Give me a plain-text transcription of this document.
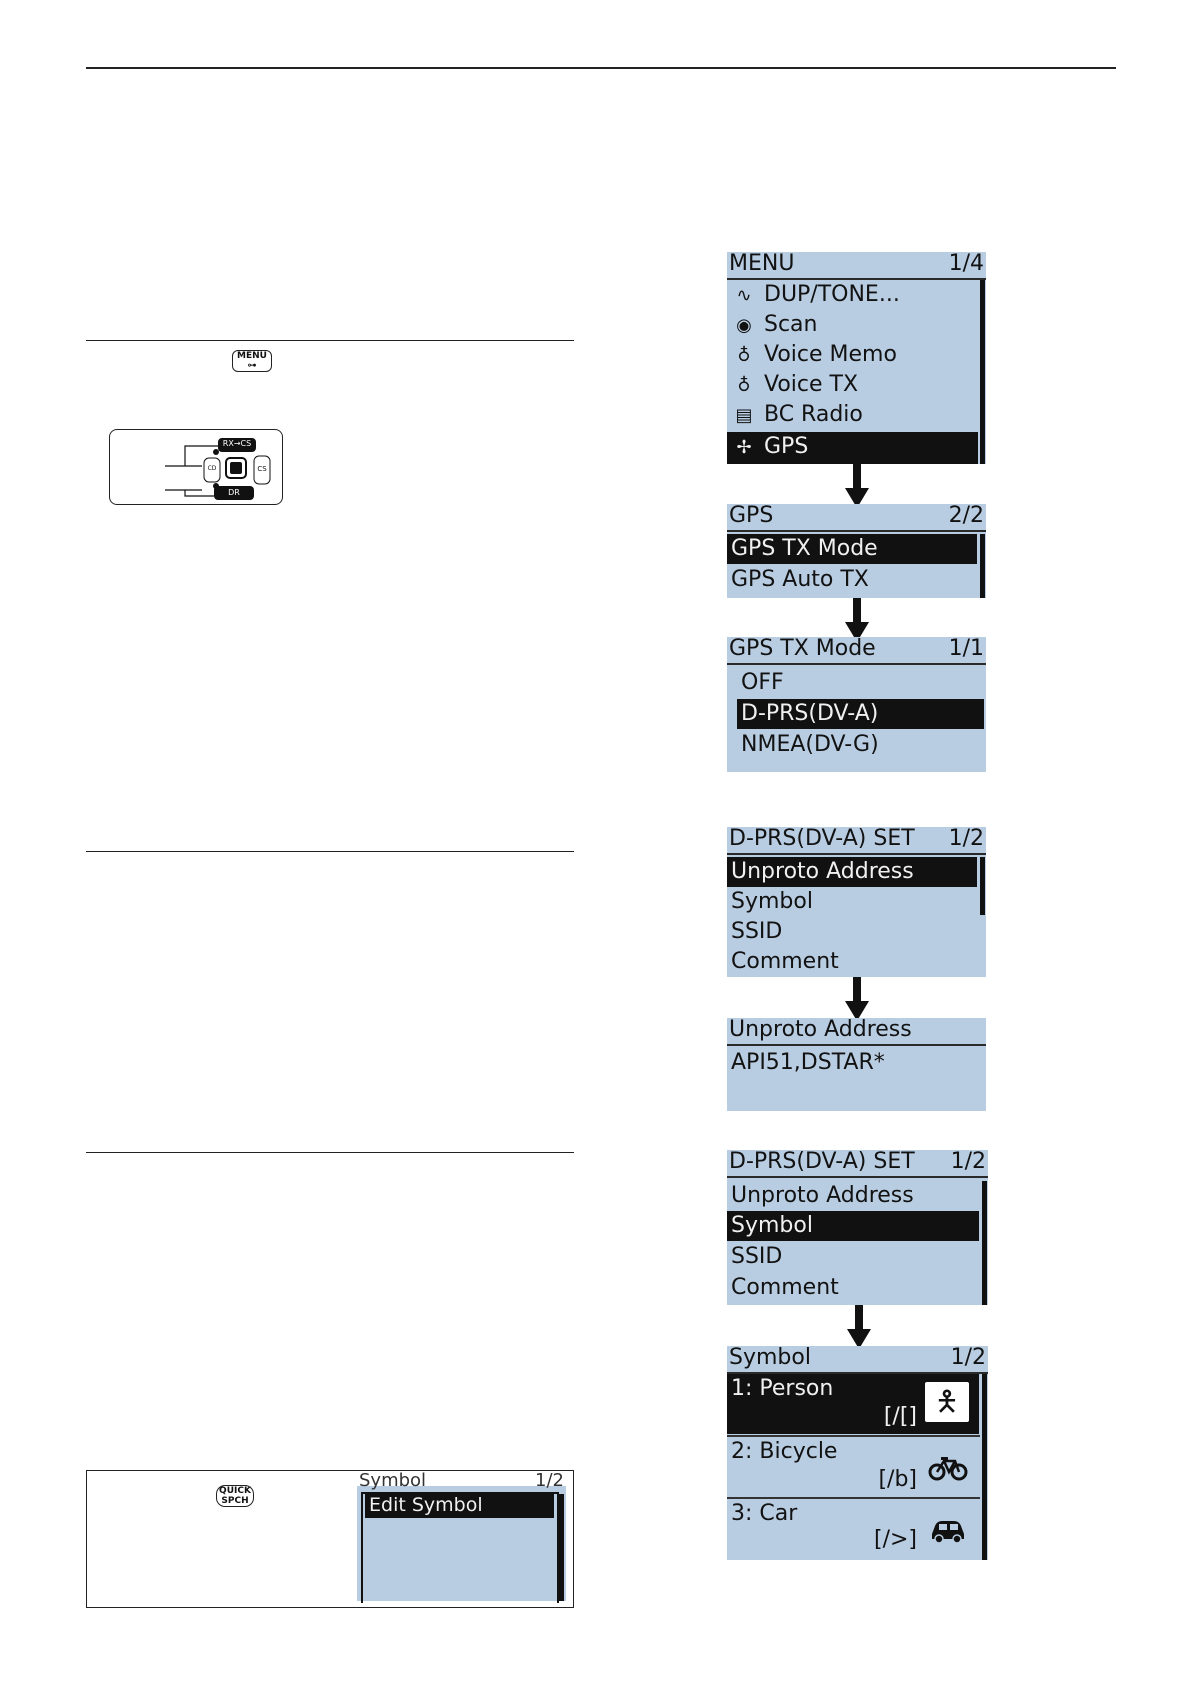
MENU
⊶
RX→CS
DR
CD	CS
MENU	1/4
∿ DUP/TONE...
◉ Scan
♁ Voice Memo
♁ Voice TX
▤ BC Radio
✢ GPS
GPS	2/2
GPS TX Mode
GPS Auto TX
GPS TX Mode	1/1
OFF
D-PRS(DV-A)
NMEA(DV-G)
D-PRS(DV-A) SET 1/2
Unproto Address
Symbol
SSID
Comment
Unproto Address
API51,DSTAR*
D-PRS(DV-A) SET 1/2
Unproto Address
Symbol
SSID
Comment
Symbol	1/2
1: Person
[/[] 🯅
2: Bicycle
[/b]
3: Car
[/>]
QUICK
SPCH
Symbol	1/2
Edit Symbol
